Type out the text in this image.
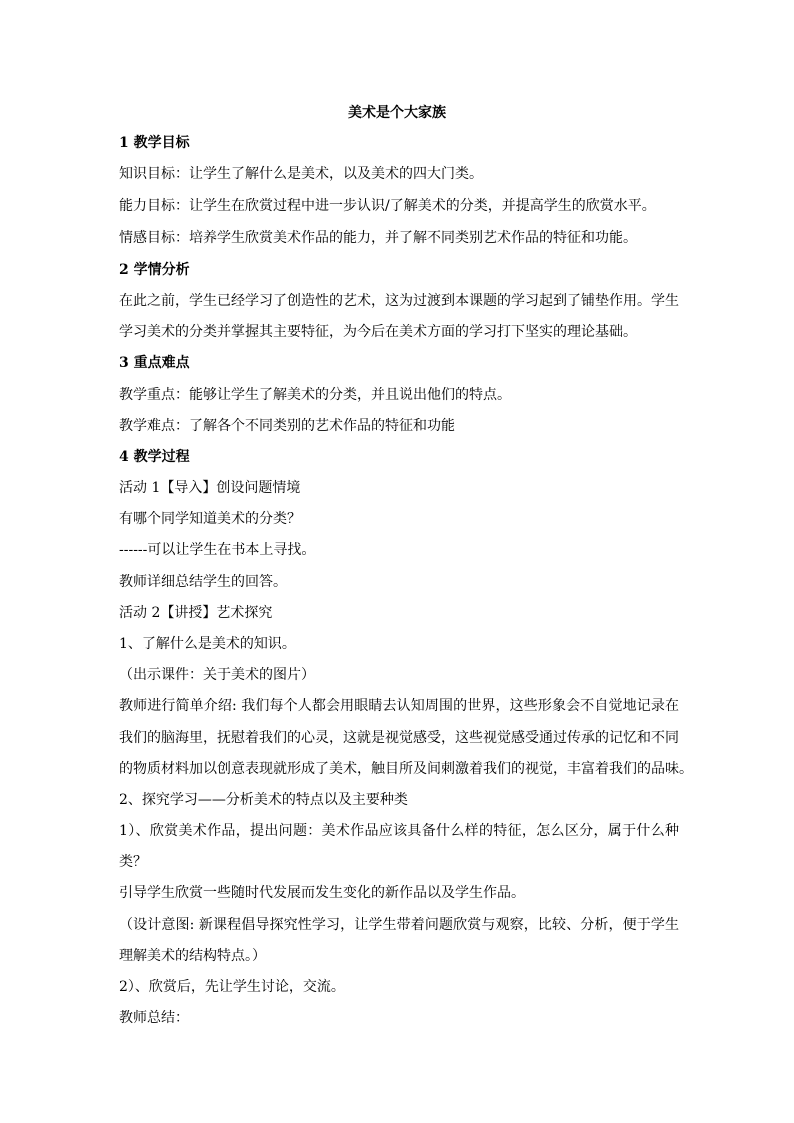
美术是个大家族
1 教学目标
知识目标：让学生了解什么是美术，以及美术的四大门类。
能力目标：让学生在欣赏过程中进一步认识/了解美术的分类，并提高学生的欣赏水平。
情感目标：培养学生欣赏美术作品的能力，并了解不同类别艺术作品的特征和功能。
2 学情分析
在此之前，学生已经学习了创造性的艺术，这为过渡到本课题的学习起到了铺垫作用。学生
学习美术的分类并掌握其主要特征，为今后在美术方面的学习打下坚实的理论基础。
3 重点难点
教学重点：能够让学生了解美术的分类，并且说出他们的特点。
教学难点：了解各个不同类别的艺术作品的特征和功能
4 教学过程
活动 1【导入】创设问题情境
有哪个同学知道美术的分类？
------可以让学生在书本上寻找。
教师详细总结学生的回答。
活动 2【讲授】艺术探究
1、了解什么是美术的知识。
（出示课件：关于美术的图片）
教师进行简单介绍: 我们每个人都会用眼睛去认知周围的世界，这些形象会不自觉地记录在
我们的脑海里，抚慰着我们的心灵，这就是视觉感受，这些视觉感受通过传承的记忆和不同
的物质材料加以创意表现就形成了美术，触目所及间刺激着我们的视觉，丰富着我们的品味。
2、探究学习——分析美术的特点以及主要种类
1）、欣赏美术作品，提出问题：美术作品应该具备什么样的特征，怎么区分，属于什么种
类？
引导学生欣赏一些随时代发展而发生变化的新作品以及学生作品。
（设计意图: 新课程倡导探究性学习，让学生带着问题欣赏与观察，比较、分析，便于学生
理解美术的结构特点。）
2）、欣赏后，先让学生讨论，交流。
教师总结：
